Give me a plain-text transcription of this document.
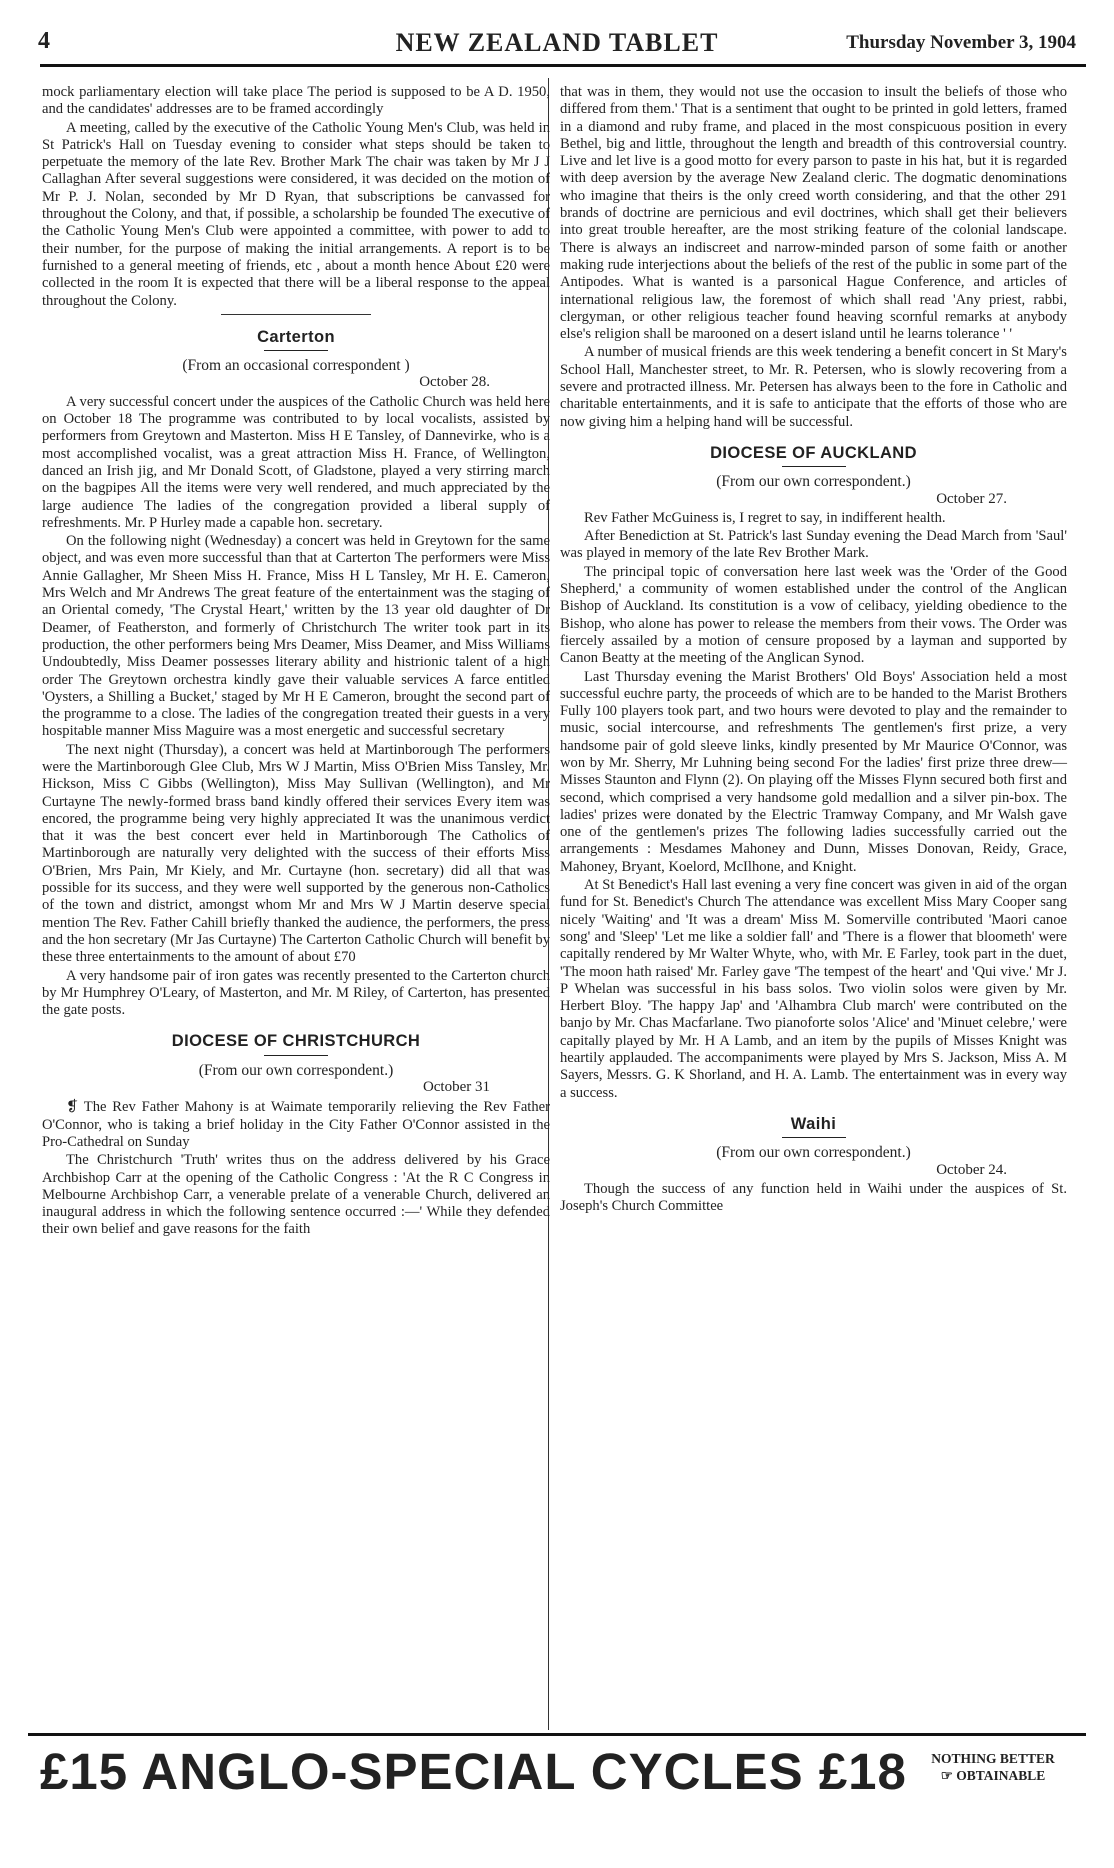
4	NEW ZEALAND TABLET	Thursday November 3, 1904

mock parliamentary election will take place The period is supposed to be A D. 1950, and the candidates' addresses are to be framed accordingly

A meeting, called by the executive of the Catholic Young Men's Club, was held in St Patrick's Hall on Tuesday evening to consider what steps should be taken to perpetuate the memory of the late Rev. Brother Mark The chair was taken by Mr J J Callaghan After several suggestions were considered, it was decided on the motion of Mr P. J. Nolan, seconded by Mr D Ryan, that subscriptions be canvassed for throughout the Colony, and that, if possible, a scholarship be founded The executive of the Catholic Young Men's Club were appointed a committee, with power to add to their number, for the purpose of making the initial arrangements. A report is to be furnished to a general meeting of friends, etc , about a month hence About £20 were collected in the room It is expected that there will be a liberal response to the appeal throughout the Colony.

Carterton
(From an occasional correspondent )
October 28.

A very successful concert under the auspices of the Catholic Church was held here on October 18 The programme was contributed to by local vocalists, assisted by performers from Greytown and Masterton. Miss H E Tansley, of Dannevirke, who is a most accomplished vocalist, was a great attraction Miss H. France, of Wellington, danced an Irish jig, and Mr Donald Scott, of Gladstone, played a very stirring march on the bagpipes All the items were very well rendered, and much appreciated by the large audience The ladies of the congregation provided a liberal supply of refreshments. Mr. P Hurley made a capable hon. secretary.

On the following night (Wednesday) a concert was held in Greytown for the same object, and was even more successful than that at Carterton The performers were Miss Annie Gallagher, Mr Sheen Miss H. France, Miss H L Tansley, Mr H. E. Cameron, Mrs Welch and Mr Andrews The great feature of the entertainment was the staging of an Oriental comedy, 'The Crystal Heart,' written by the 13 year old daughter of Dr Deamer, of Featherston, and formerly of Christchurch The writer took part in its production, the other performers being Mrs Deamer, Miss Deamer, and Miss Williams Undoubtedly, Miss Deamer possesses literary ability and histrionic talent of a high order The Greytown orchestra kindly gave their valuable services A farce entitled 'Oysters, a Shilling a Bucket,' staged by Mr H E Cameron, brought the second part of the programme to a close. The ladies of the congregation treated their guests in a very hospitable manner Miss Maguire was a most energetic and successful secretary

The next night (Thursday), a concert was held at Martinborough The performers were the Martinborough Glee Club, Mrs W J Martin, Miss O'Brien Miss Tansley, Mr. Hickson, Miss C Gibbs (Wellington), Miss May Sullivan (Wellington), and Mr Curtayne The newly-formed brass band kindly offered their services Every item was encored, the programme being very highly appreciated It was the unanimous verdict that it was the best concert ever held in Martinborough The Catholics of Martinborough are naturally very delighted with the success of their efforts Miss O'Brien, Mrs Pain, Mr Kiely, and Mr. Curtayne (hon. secretary) did all that was possible for its success, and they were well supported by the generous non-Catholics of the town and district, amongst whom Mr and Mrs W J Martin deserve special mention The Rev. Father Cahill briefly thanked the audience, the performers, the press and the hon secretary (Mr Jas Curtayne) The Carterton Catholic Church will benefit by these three entertainments to the amount of about £70

A very handsome pair of iron gates was recently presented to the Carterton church by Mr Humphrey O'Leary, of Masterton, and Mr. M Riley, of Carterton, has presented the gate posts.

DIOCESE OF CHRISTCHURCH
(From our own correspondent.)
October 31

❡ The Rev Father Mahony is at Waimate temporarily relieving the Rev Father O'Connor, who is taking a brief holiday in the City Father O'Connor assisted in the Pro-Cathedral on Sunday

The Christchurch 'Truth' writes thus on the address delivered by his Grace Archbishop Carr at the opening of the Catholic Congress : 'At the R C Congress in Melbourne Archbishop Carr, a venerable prelate of a venerable Church, delivered an inaugural address in which the following sentence occurred :—' While they defended their own belief and gave reasons for the faith

that was in them, they would not use the occasion to insult the beliefs of those who differed from them.' That is a sentiment that ought to be printed in gold letters, framed in a diamond and ruby frame, and placed in the most conspicuous position in every Bethel, big and little, throughout the length and breadth of this controversial country. Live and let live is a good motto for every parson to paste in his hat, but it is regarded with deep aversion by the average New Zealand cleric. The dogmatic denominations who imagine that theirs is the only creed worth considering, and that the other 291 brands of doctrine are pernicious and evil doctrines, which shall get their believers into great trouble hereafter, are the most striking feature of the colonial landscape. There is always an indiscreet and narrow-minded parson of some faith or another making rude interjections about the beliefs of the rest of the public in some part of the Antipodes. What is wanted is a parsonical Hague Conference, and articles of international religious law, the foremost of which shall read 'Any priest, rabbi, clergyman, or other religious teacher found heaving scornful remarks at anybody else's religion shall be marooned on a desert island until he learns tolerance ' '

A number of musical friends are this week tendering a benefit concert in St Mary's School Hall, Manchester street, to Mr. R. Petersen, who is slowly recovering from a severe and protracted illness. Mr. Petersen has always been to the fore in Catholic and charitable entertainments, and it is safe to anticipate that the efforts of those who are now giving him a helping hand will be successful.

DIOCESE OF AUCKLAND
(From our own correspondent.)
October 27.

Rev Father McGuiness is, I regret to say, in indifferent health.

After Benediction at St. Patrick's last Sunday evening the Dead March from 'Saul' was played in memory of the late Rev Brother Mark.

The principal topic of conversation here last week was the 'Order of the Good Shepherd,' a community of women established under the control of the Anglican Bishop of Auckland. Its constitution is a vow of celibacy, yielding obedience to the Bishop, who alone has power to release the members from their vows. The Order was fiercely assailed by a motion of censure proposed by a layman and supported by Canon Beatty at the meeting of the Anglican Synod.

Last Thursday evening the Marist Brothers' Old Boys' Association held a most successful euchre party, the proceeds of which are to be handed to the Marist Brothers Fully 100 players took part, and two hours were devoted to play and the remainder to music, social intercourse, and refreshments The gentlemen's first prize, a very handsome pair of gold sleeve links, kindly presented by Mr Maurice O'Connor, was won by Mr. Sherry, Mr Luhning being second For the ladies' first prize three drew—Misses Staunton and Flynn (2). On playing off the Misses Flynn secured both first and second, which comprised a very handsome gold medallion and a silver pin-box. The ladies' prizes were donated by the Electric Tramway Company, and Mr Walsh gave one of the gentlemen's prizes The following ladies successfully carried out the arrangements : Mesdames Mahoney and Dunn, Misses Donovan, Reidy, Grace, Mahoney, Bryant, Koelord, McIlhone, and Knight.

At St Benedict's Hall last evening a very fine concert was given in aid of the organ fund for St. Benedict's Church The attendance was excellent Miss Mary Cooper sang nicely 'Waiting' and 'It was a dream' Miss M. Somerville contributed 'Maori canoe song' and 'Sleep' 'Let me like a soldier fall' and 'There is a flower that bloometh' were capitally rendered by Mr Walter Whyte, who, with Mr. E Farley, took part in the duet, 'The moon hath raised' Mr. Farley gave 'The tempest of the heart' and 'Qui vive.' Mr J. P Whelan was successful in his bass solos. Two violin solos were given by Mr. Herbert Bloy. 'The happy Jap' and 'Alhambra Club march' were contributed on the banjo by Mr. Chas Macfarlane. Two pianoforte solos 'Alice' and 'Minuet celebre,' were capitally played by Mr. H A Lamb, and an item by the pupils of Misses Knight was heartily applauded. The accompaniments were played by Mrs S. Jackson, Miss A. M Sayers, Messrs. G. K Shorland, and H. A. Lamb. The entertainment was in every way a success.

Waihi
(From our own correspondent.)
October 24.

Though the success of any function held in Waihi under the auspices of St. Joseph's Church Committee

£15 ANGLO-SPECIAL CYCLES £18	NOTHING BETTER
☞ OBTAINABLE
